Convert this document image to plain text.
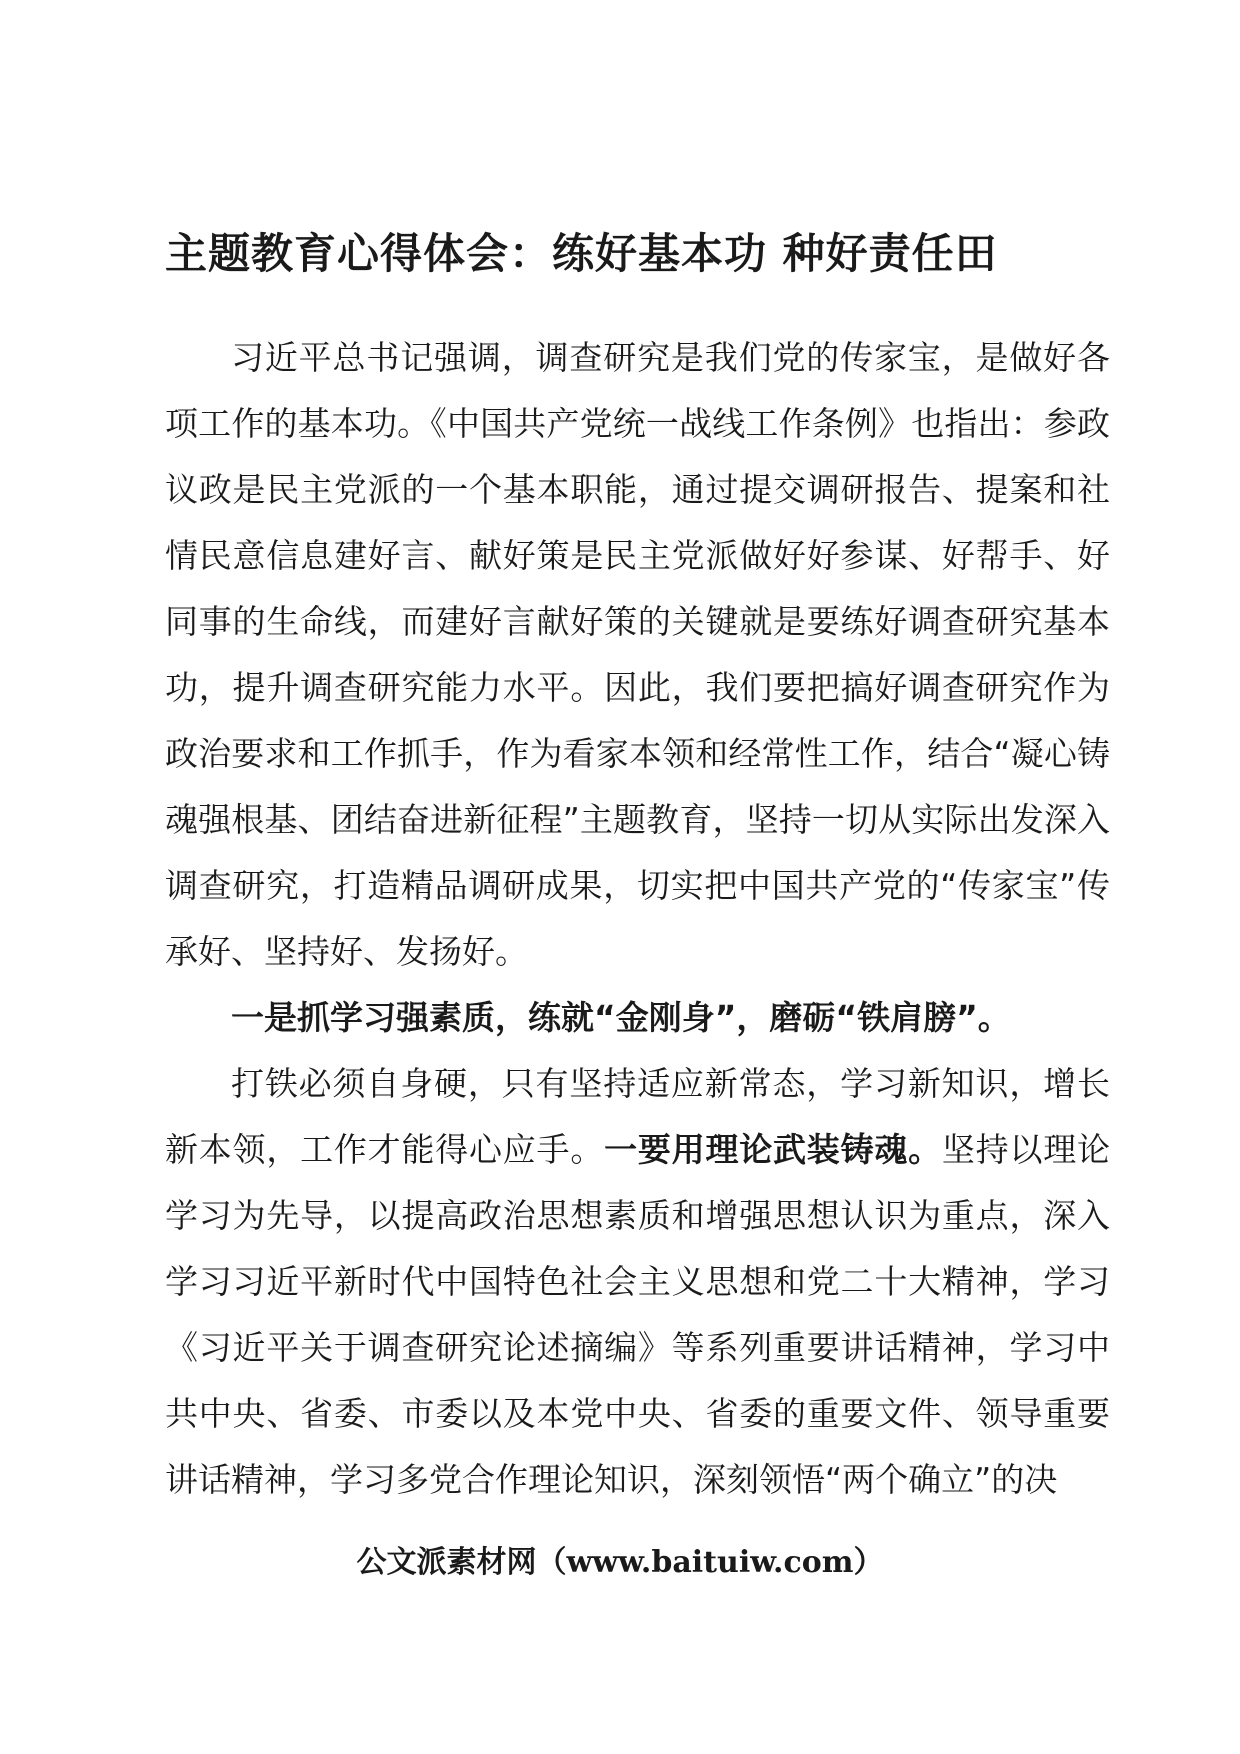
主题教育心得体会：练好基本功 种好责任田

习近平总书记强调，调查研究是我们党的传家宝，是做好各项工作的基本功。《中国共产党统一战线工作条例》也指出：参政议政是民主党派的一个基本职能，通过提交调研报告、提案和社情民意信息建好言、献好策是民主党派做好好参谋、好帮手、好同事的生命线，而建好言献好策的关键就是要练好调查研究基本功，提升调查研究能力水平。因此，我们要把搞好调查研究作为政治要求和工作抓手，作为看家本领和经常性工作，结合“凝心铸魂强根基、团结奋进新征程”主题教育，坚持一切从实际出发深入调查研究，打造精品调研成果，切实把中国共产党的“传家宝”传承好、坚持好、发扬好。

一是抓学习强素质，练就“金刚身”，磨砺“铁肩膀”。

打铁必须自身硬，只有坚持适应新常态，学习新知识，增长新本领，工作才能得心应手。一要用理论武装铸魂。坚持以理论学习为先导，以提高政治思想素质和增强思想认识为重点，深入学习习近平新时代中国特色社会主义思想和党二十大精神，学习《习近平关于调查研究论述摘编》等系列重要讲话精神，学习中共中央、省委、市委以及本党中央、省委的重要文件、领导重要讲话精神，学习多党合作理论知识，深刻领悟“两个确立”的决

公文派素材网（www.baituiw.com）
